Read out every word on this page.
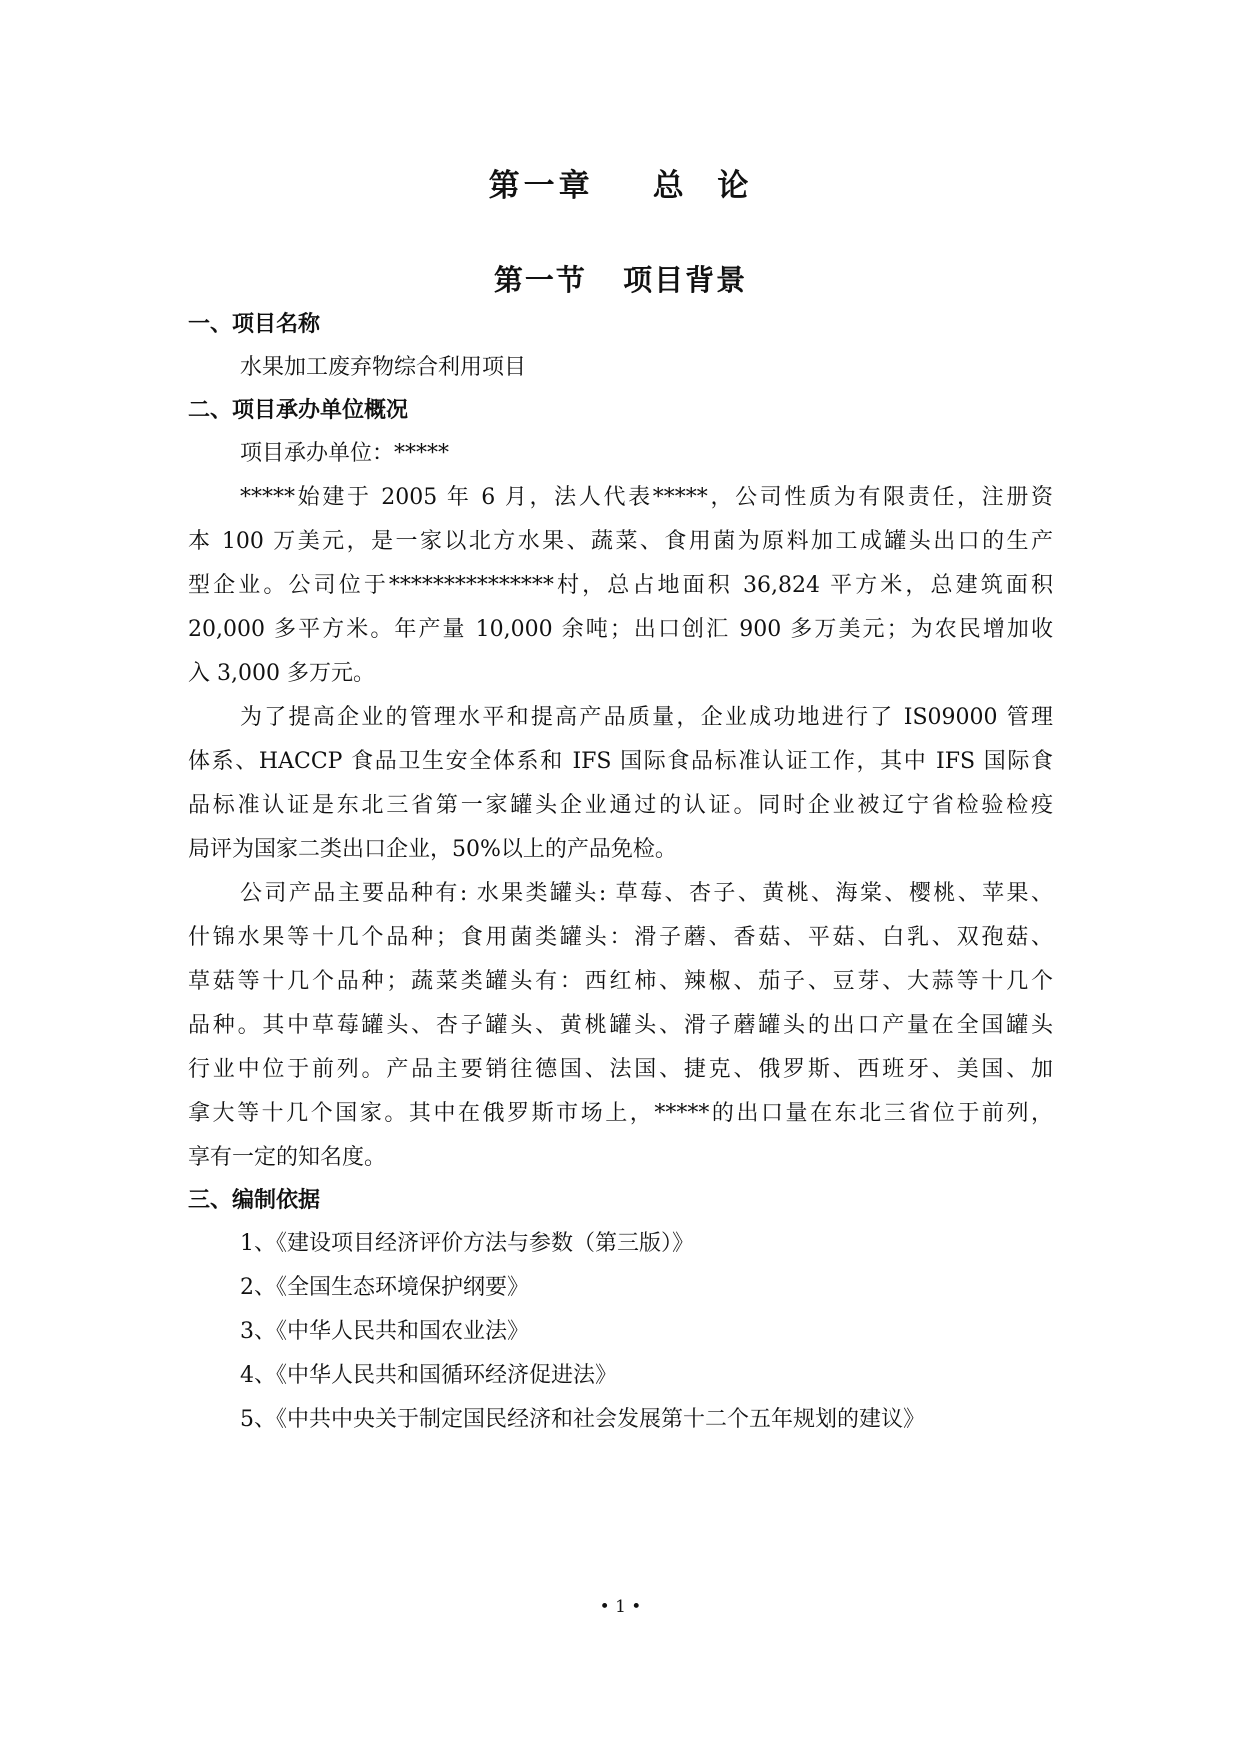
第一章    总  论
第一节   项目背景
一、项目名称
水果加工废弃物综合利用项目
二、项目承办单位概况
项目承办单位：*****
*****始建于 2005 年 6 月，法人代表*****，公司性质为有限责任，注册资
本 100 万美元，是一家以北方水果、蔬菜、食用菌为原料加工成罐头出口的生产
型企业。公司位于***************村，总占地面积 36,824 平方米，总建筑面积
20,000 多平方米。年产量 10,000 余吨；出口创汇 900 多万美元；为农民增加收
入 3,000 多万元。
为了提高企业的管理水平和提高产品质量，企业成功地进行了 IS09000 管理
体系、HACCP 食品卫生安全体系和 IFS 国际食品标准认证工作，其中 IFS 国际食
品标准认证是东北三省第一家罐头企业通过的认证。同时企业被辽宁省检验检疫
局评为国家二类出口企业，50%以上的产品免检。
公司产品主要品种有: 水果类罐头: 草莓、杏子、黄桃、海棠、樱桃、苹果、
什锦水果等十几个品种；食用菌类罐头：滑子蘑、香菇、平菇、白乳、双孢菇、
草菇等十几个品种；蔬菜类罐头有：西红柿、辣椒、茄子、豆芽、大蒜等十几个
品种。其中草莓罐头、杏子罐头、黄桃罐头、滑子蘑罐头的出口产量在全国罐头
行业中位于前列。产品主要销往德国、法国、捷克、俄罗斯、西班牙、美国、加
拿大等十几个国家。其中在俄罗斯市场上，*****的出口量在东北三省位于前列，
享有一定的知名度。
三、编制依据
1、《建设项目经济评价方法与参数（第三版）》
2、《全国生态环境保护纲要》
3、《中华人民共和国农业法》
4、《中华人民共和国循环经济促进法》
5、《中共中央关于制定国民经济和社会发展第十二个五年规划的建议》
• 1 •
